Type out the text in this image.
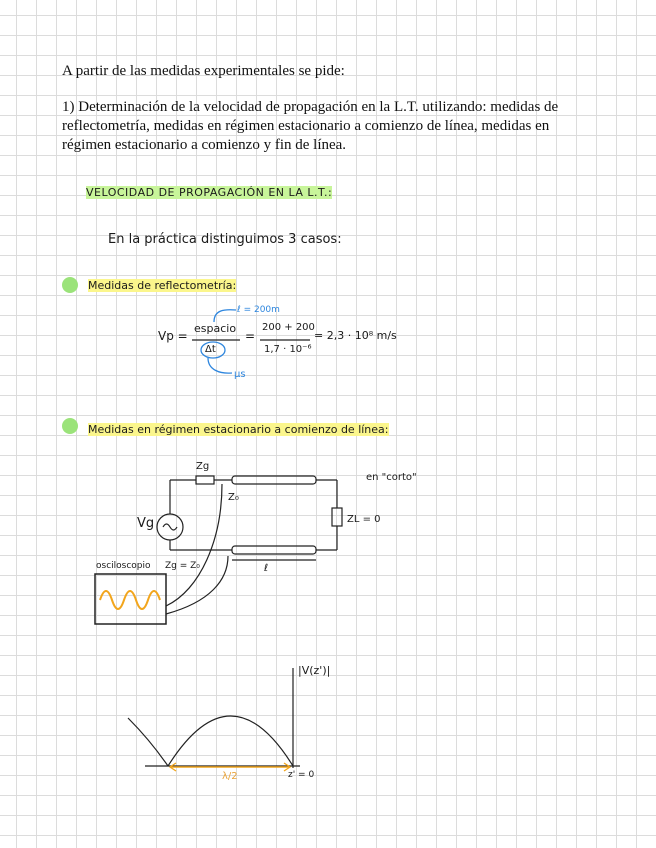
A partir de las medidas experimentales se pide:
1) Determinación de la velocidad de propagación en la L.T. utilizando: medidas de reflectometría, medidas en régimen estacionario a comienzo de línea, medidas en régimen estacionario a comienzo y fin de línea.
VELOCIDAD DE PROPAGACIÓN EN LA L.T.:
En la práctica distinguimos 3 casos:
Medidas de reflectometría:
Vp =
espacio
Δt
=
200 + 200
1,7 · 10⁻⁶
= 2,3 · 10⁸ m/s
ℓ = 200m
μs
Medidas en régimen estacionario a comienzo de línea:
Zg
Z₀
Vg	ZL = 0
en "corto"
osciloscopio Zg = Z₀	ℓ
|V(z')|
λ/2	z' = 0
